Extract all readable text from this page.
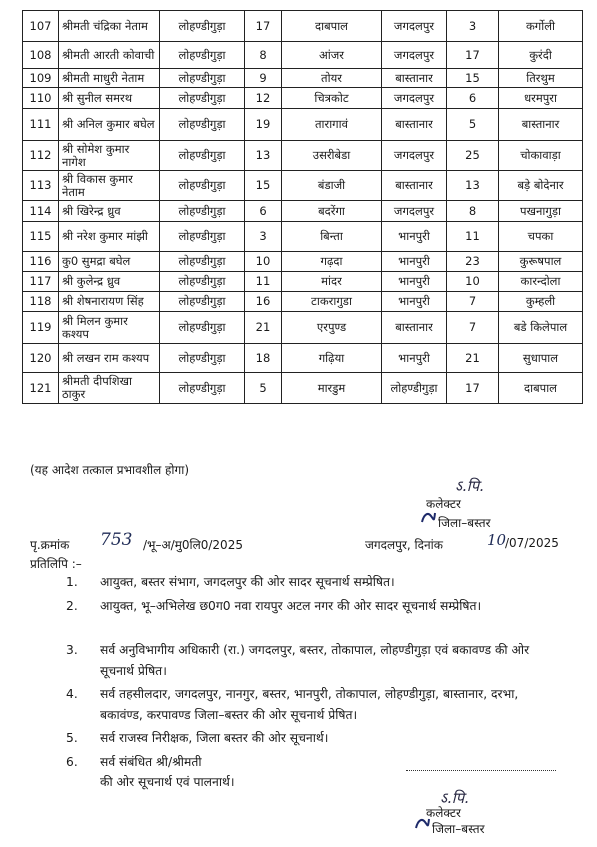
107	श्रीमती चंद्रिका नेताम	लोहण्डीगुड़ा	17	दाबपाल	जगदलपुर	3	कर्गोली
108	श्रीमती आरती कोवाची	लोहण्डीगुड़ा	8	आंजर	जगदलपुर	17	कुरंदी
109	श्रीमती माधुरी नेताम	लोहण्डीगुड़ा	9	तोयर	बास्तानार	15	तिरथुम
110	श्री सुनील समरथ	लोहण्डीगुड़ा	12	चित्रकोट	जगदलपुर	6	धरमपुरा
111	श्री अनिल कुमार बघेल	लोहण्डीगुड़ा	19	तारागावं	बास्तानार	5	बास्तानार
112	श्री सोमेश कुमार नागेश	लोहण्डीगुड़ा	13	उसरीबेडा	जगदलपुर	25	चोकावाड़ा
113	श्री विकास कुमार नेताम	लोहण्डीगुड़ा	15	बंडाजी	बास्तानार	13	बड़े बोदेनार
114	श्री खिरेन्द्र ध्रुव	लोहण्डीगुड़ा	6	बदरेंगा	जगदलपुर	8	पखनागुड़ा
115	श्री नरेश कुमार मांझी	लोहण्डीगुड़ा	3	बिन्ता	भानपुरी	11	चपका
116	कु0 सुमद्रा बघेल	लोहण्डीगुड़ा	10	गढ़दा	भानपुरी	23	कुरूषपाल
117	श्री कुलेन्द्र ध्रुव	लोहण्डीगुड़ा	11	मांदर	भानपुरी	10	कारन्दोला
118	श्री शेषनारायण सिंह	लोहण्डीगुड़ा	16	टाकरागुडा	भानपुरी	7	कुम्हली
119	श्री मिलन कुमार कश्यप	लोहण्डीगुड़ा	21	एरपुण्ड	बास्तानार	7	बडे किलेपाल
120	श्री लखन राम कश्यप	लोहण्डीगुड़ा	18	गढ़िया	भानपुरी	21	सुधापाल
121	श्रीमती दीपशिखा ठाकुर	लोहण्डीगुड़ा	5	मारडुम	लोहण्डीगुड़ा	17	दाबपाल
(यह आदेश तत्काल प्रभावशील होगा)
ऽ.पि.
कलेक्टर
जिला–बस्तर
पृ.क्रमांक 753 /भू–अ/मु0लि0/2025	जगदलपुर, दिनांक	10
/07/2025
प्रतिलिपि :–
1. आयुक्त, बस्तर संभाग, जगदलपुर की ओर सादर सूचनार्थ सम्प्रेषित।
2. आयुक्त, भू–अभिलेख छ0ग0 नवा रायपुर अटल नगर की ओर सादर सूचनार्थ सम्प्रेषित।
3. सर्व अनुविभागीय अधिकारी (रा.) जगदलपुर, बस्तर, तोकापाल, लोहण्डीगुड़ा एवं बकावण्ड की ओर सूचनार्थ प्रेषित।
4. सर्व तहसीलदार, जगदलपुर, नानगुर, बस्तर, भानपुरी, तोकापाल, लोहण्डीगुड़ा, बास्तानार, दरभा, बकावंण्ड, करपावण्ड जिला–बस्तर की ओर सूचनार्थ प्रेषित।
5. सर्व राजस्व निरीक्षक, जिला बस्तर की ओर सूचनार्थ।
6. सर्व संबंधित श्री/श्रीमती
की ओर सूचनार्थ एवं पालनार्थ।
ऽ.पि.
कलेक्टर
जिला–बस्तर
